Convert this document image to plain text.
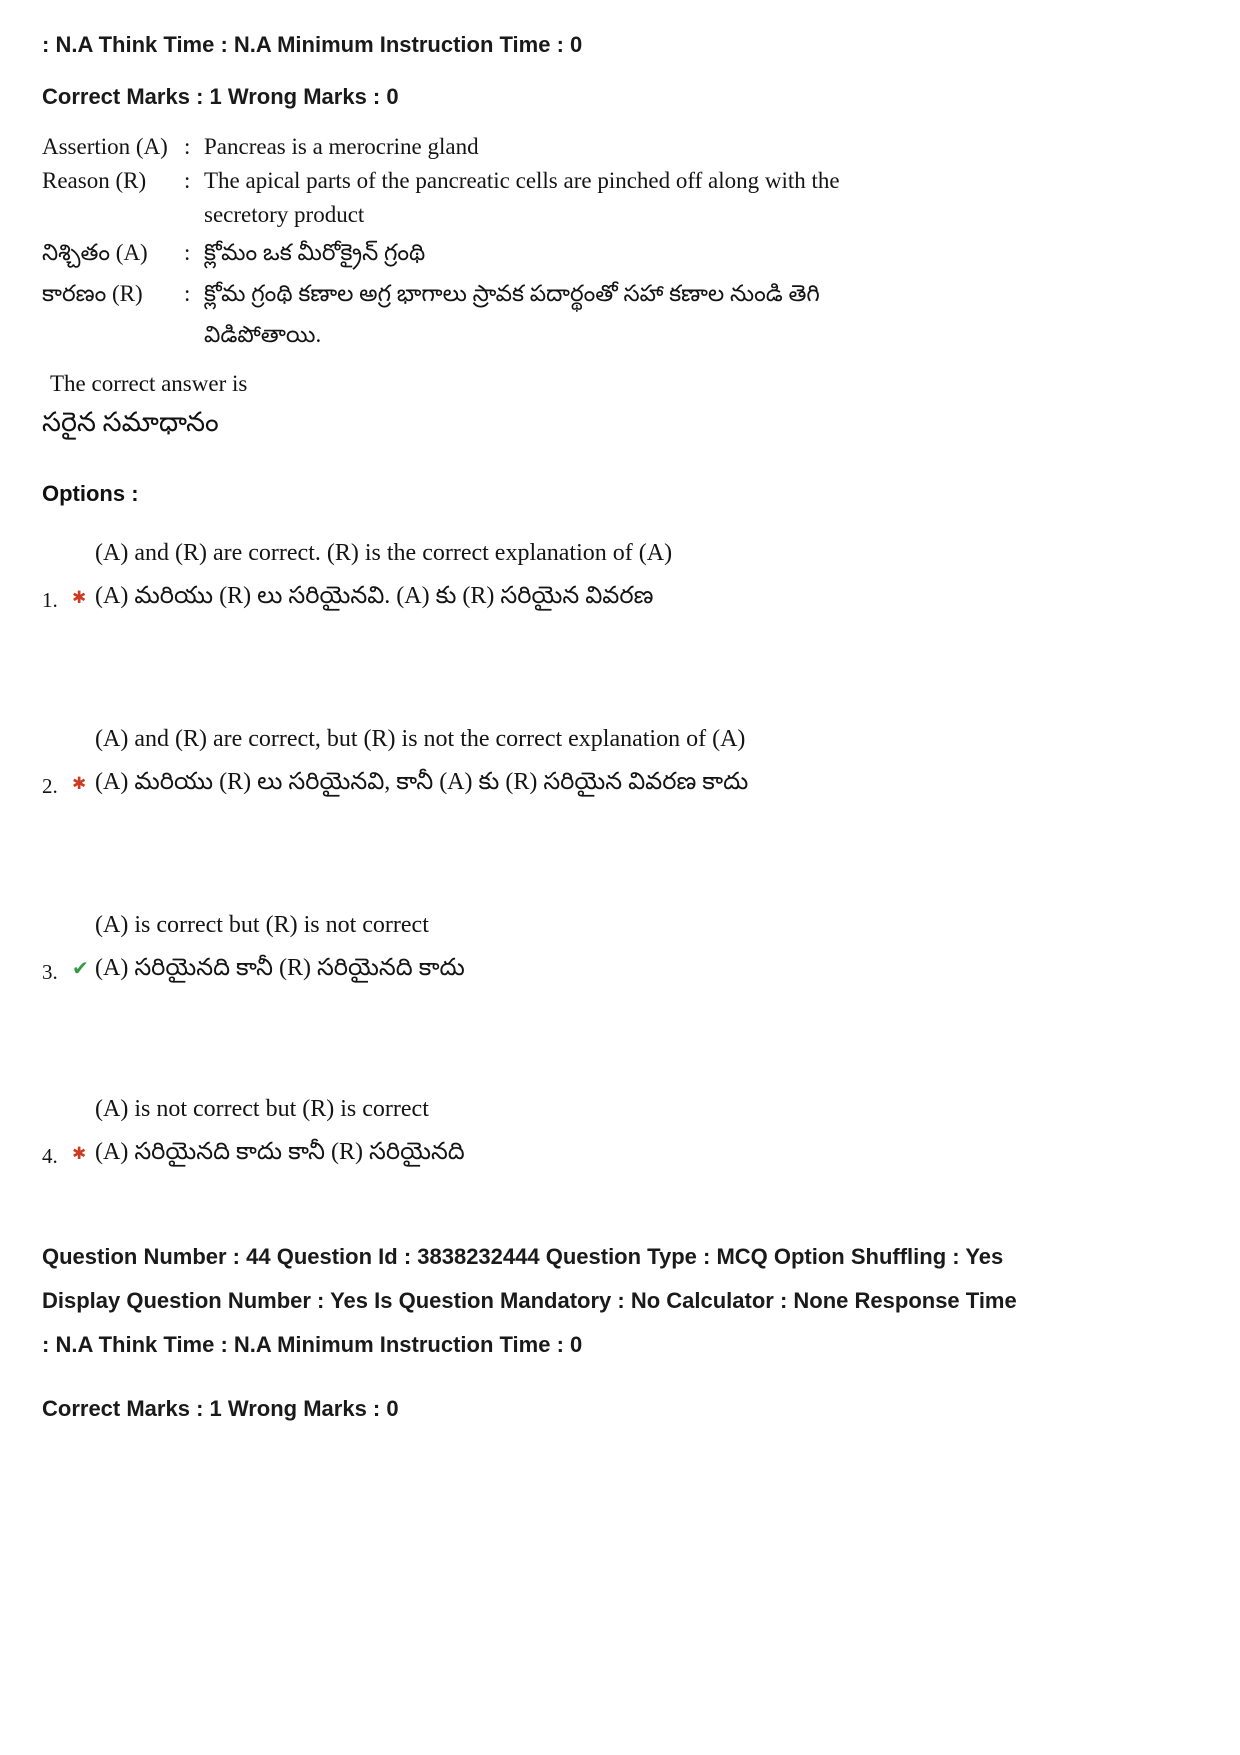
: N.A Think Time : N.A Minimum Instruction Time : 0
Correct Marks : 1 Wrong Marks : 0
Assertion (A) : Pancreas is a merocrine gland
Reason (R)	: The apical parts of the pancreatic cells are pinched off along with the secretory product
నిశ్చితం (A)	: క్లోమం ఒక మీరోక్రైన్ గ్రంథి
కారణం (R)	: క్లోమ గ్రంథి కణాల అగ్ర భాగాలు స్రావక పదార్థంతో సహా కణాల నుండి తెగి విడిపోతాయి.
The correct answer is
సరైన సమాధానం
Options :
(A) and (R) are correct. (R) is the correct explanation of (A)
1. ✱ (A) మరియు (R) లు సరియైనవి. (A) కు (R) సరియైన వివరణ
(A) and (R) are correct, but (R) is not the correct explanation of (A)
2. ✱ (A) మరియు (R) లు సరియైనవి, కానీ (A) కు (R) సరియైన వివరణ కాదు
(A) is correct but (R) is not correct
3. ✔ (A) సరియైనది కానీ (R) సరియైనది కాదు
(A) is not correct but (R) is correct
4. ✱ (A) సరియైనది కాదు కానీ (R) సరియైనది
Question Number : 44 Question Id : 3838232444 Question Type : MCQ Option Shuffling : Yes
Display Question Number : Yes Is Question Mandatory : No Calculator : None Response Time
: N.A Think Time : N.A Minimum Instruction Time : 0
Correct Marks : 1 Wrong Marks : 0
